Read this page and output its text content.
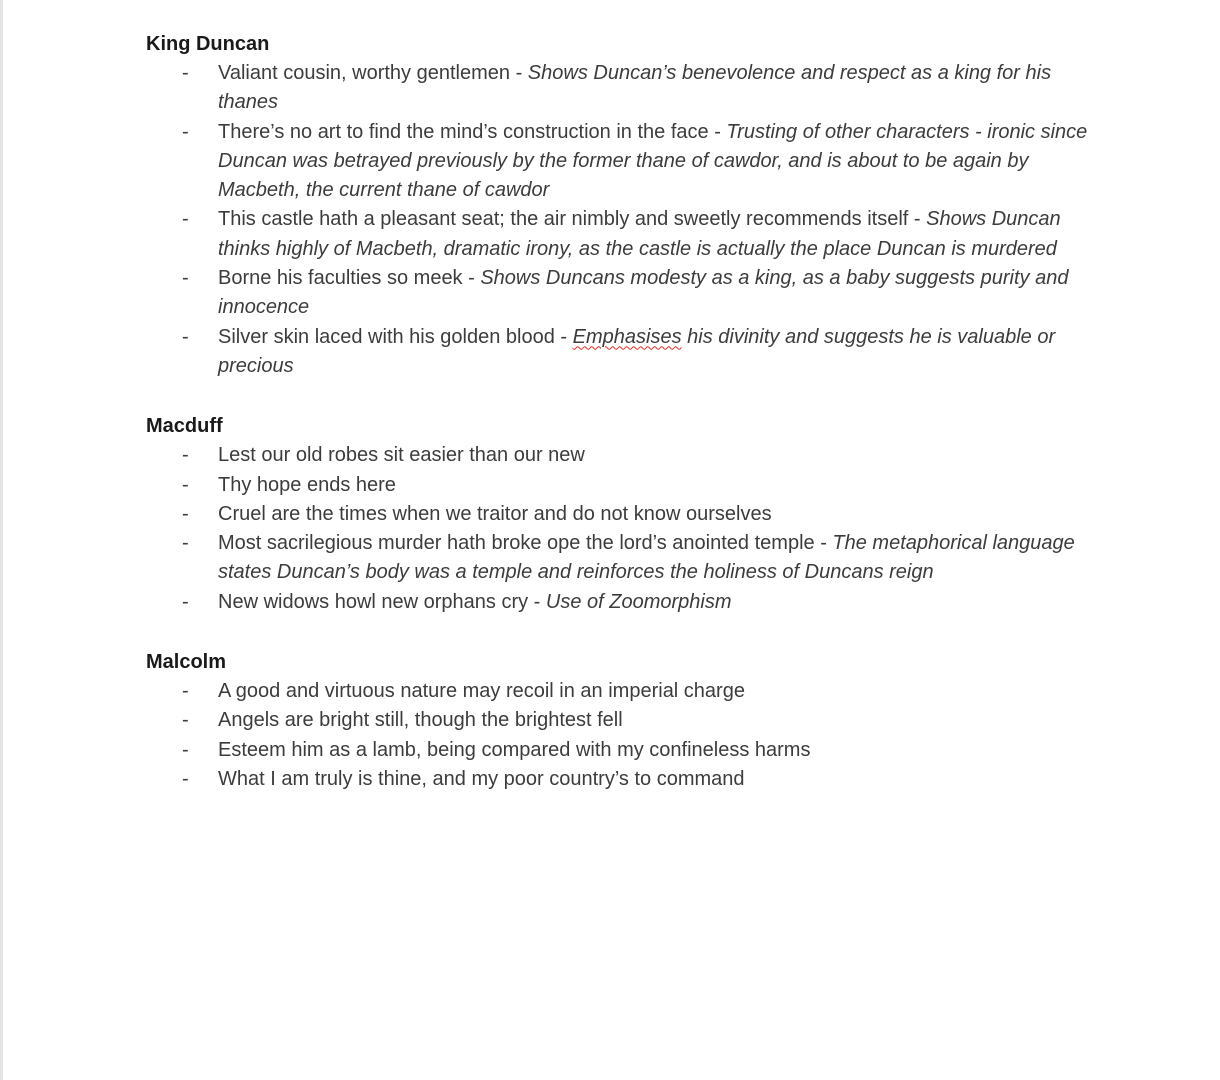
King Duncan
- Valiant cousin, worthy gentlemen - Shows Duncan’s benevolence and respect as a king for his thanes
- There’s no art to find the mind’s construction in the face - Trusting of other characters - ironic since Duncan was betrayed previously by the former thane of cawdor, and is about to be again by Macbeth, the current thane of cawdor
- This castle hath a pleasant seat; the air nimbly and sweetly recommends itself - Shows Duncan thinks highly of Macbeth, dramatic irony, as the castle is actually the place Duncan is murdered
- Borne his faculties so meek - Shows Duncans modesty as a king, as a baby suggests purity and innocence
- Silver skin laced with his golden blood - Emphasises his divinity and suggests he is valuable or precious
Macduff
- Lest our old robes sit easier than our new
- Thy hope ends here
- Cruel are the times when we traitor and do not know ourselves
- Most sacrilegious murder hath broke ope the lord’s anointed temple - The metaphorical language states Duncan’s body was a temple and reinforces the holiness of Duncans reign
- New widows howl new orphans cry - Use of Zoomorphism
Malcolm
- A good and virtuous nature may recoil in an imperial charge
- Angels are bright still, though the brightest fell
- Esteem him as a lamb, being compared with my confineless harms
- What I am truly is thine, and my poor country’s to command
